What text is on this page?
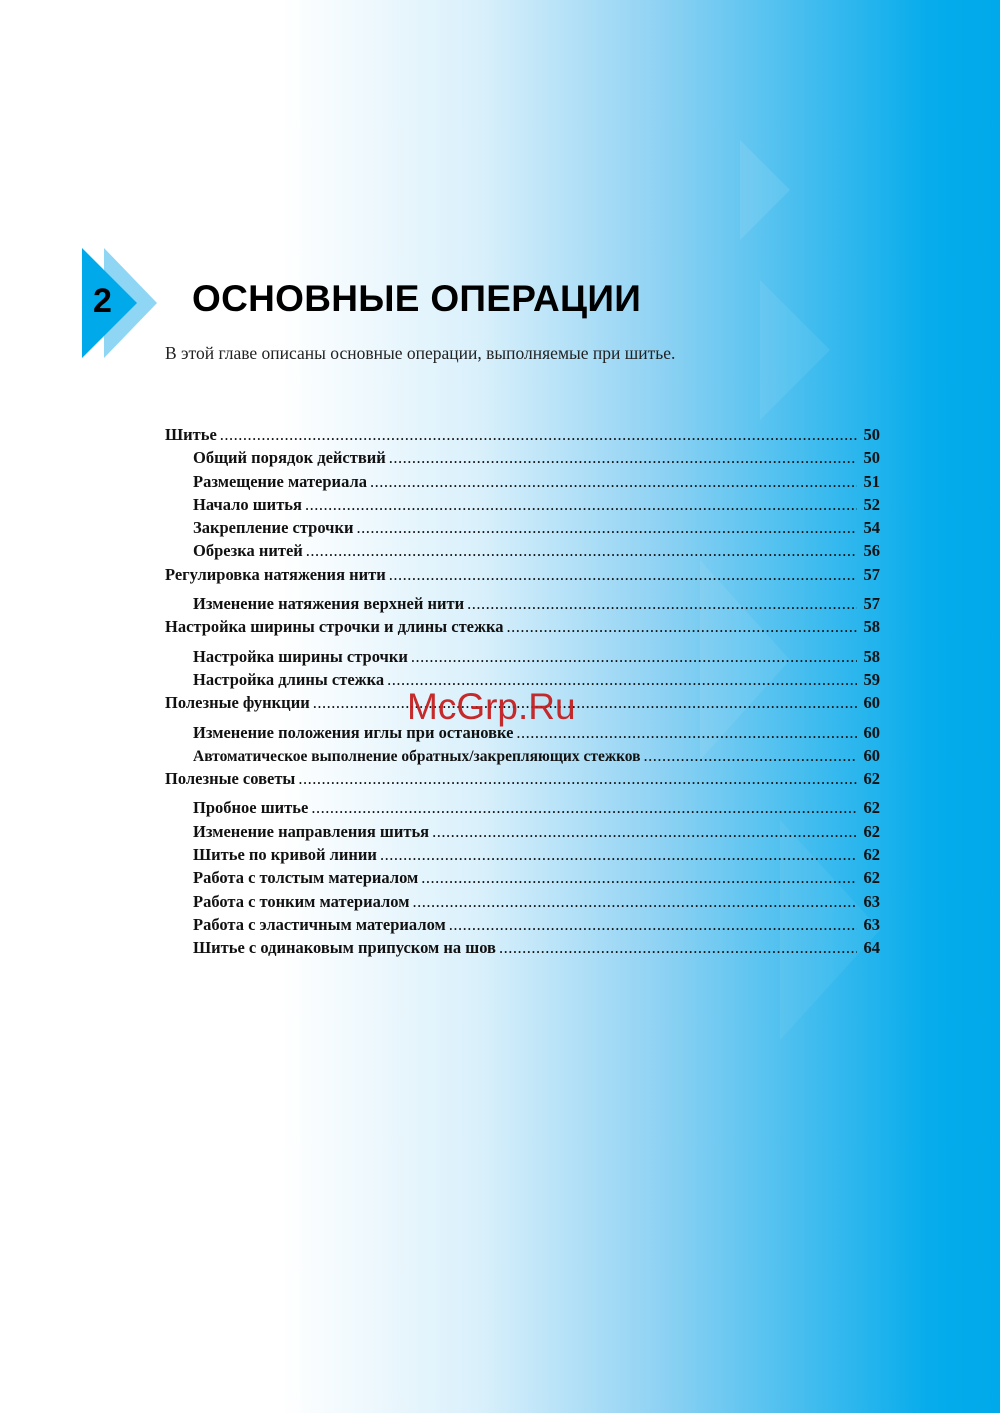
2 ОСНОВНЫЕ ОПЕРАЦИИ
В этой главе описаны основные операции, выполняемые при шитье.
Шитье .....	50
Общий порядок действий .....	50
Размещение материала .....	51
Начало шитья .....	52
Закрепление строчки .....	54
Обрезка нитей .....	56
Регулировка натяжения нити .....	57
Изменение натяжения верхней нити .....	57
Настройка ширины строчки и длины стежка .....	58
Настройка ширины строчки .....	58
Настройка длины стежка .....	59
Полезные функции .....	60
Изменение положения иглы при остановке .....	60
Автоматическое выполнение обратных/закрепляющих стежков .....	60
Полезные советы .....	62
Пробное шитье .....	62
Изменение направления шитья .....	62
Шитье по кривой линии .....	62
Работа с толстым материалом .....	62
Работа с тонким материалом .....	63
Работа с эластичным материалом .....	63
Шитье с одинаковым припуском на шов .....	64
McGrp.Ru
